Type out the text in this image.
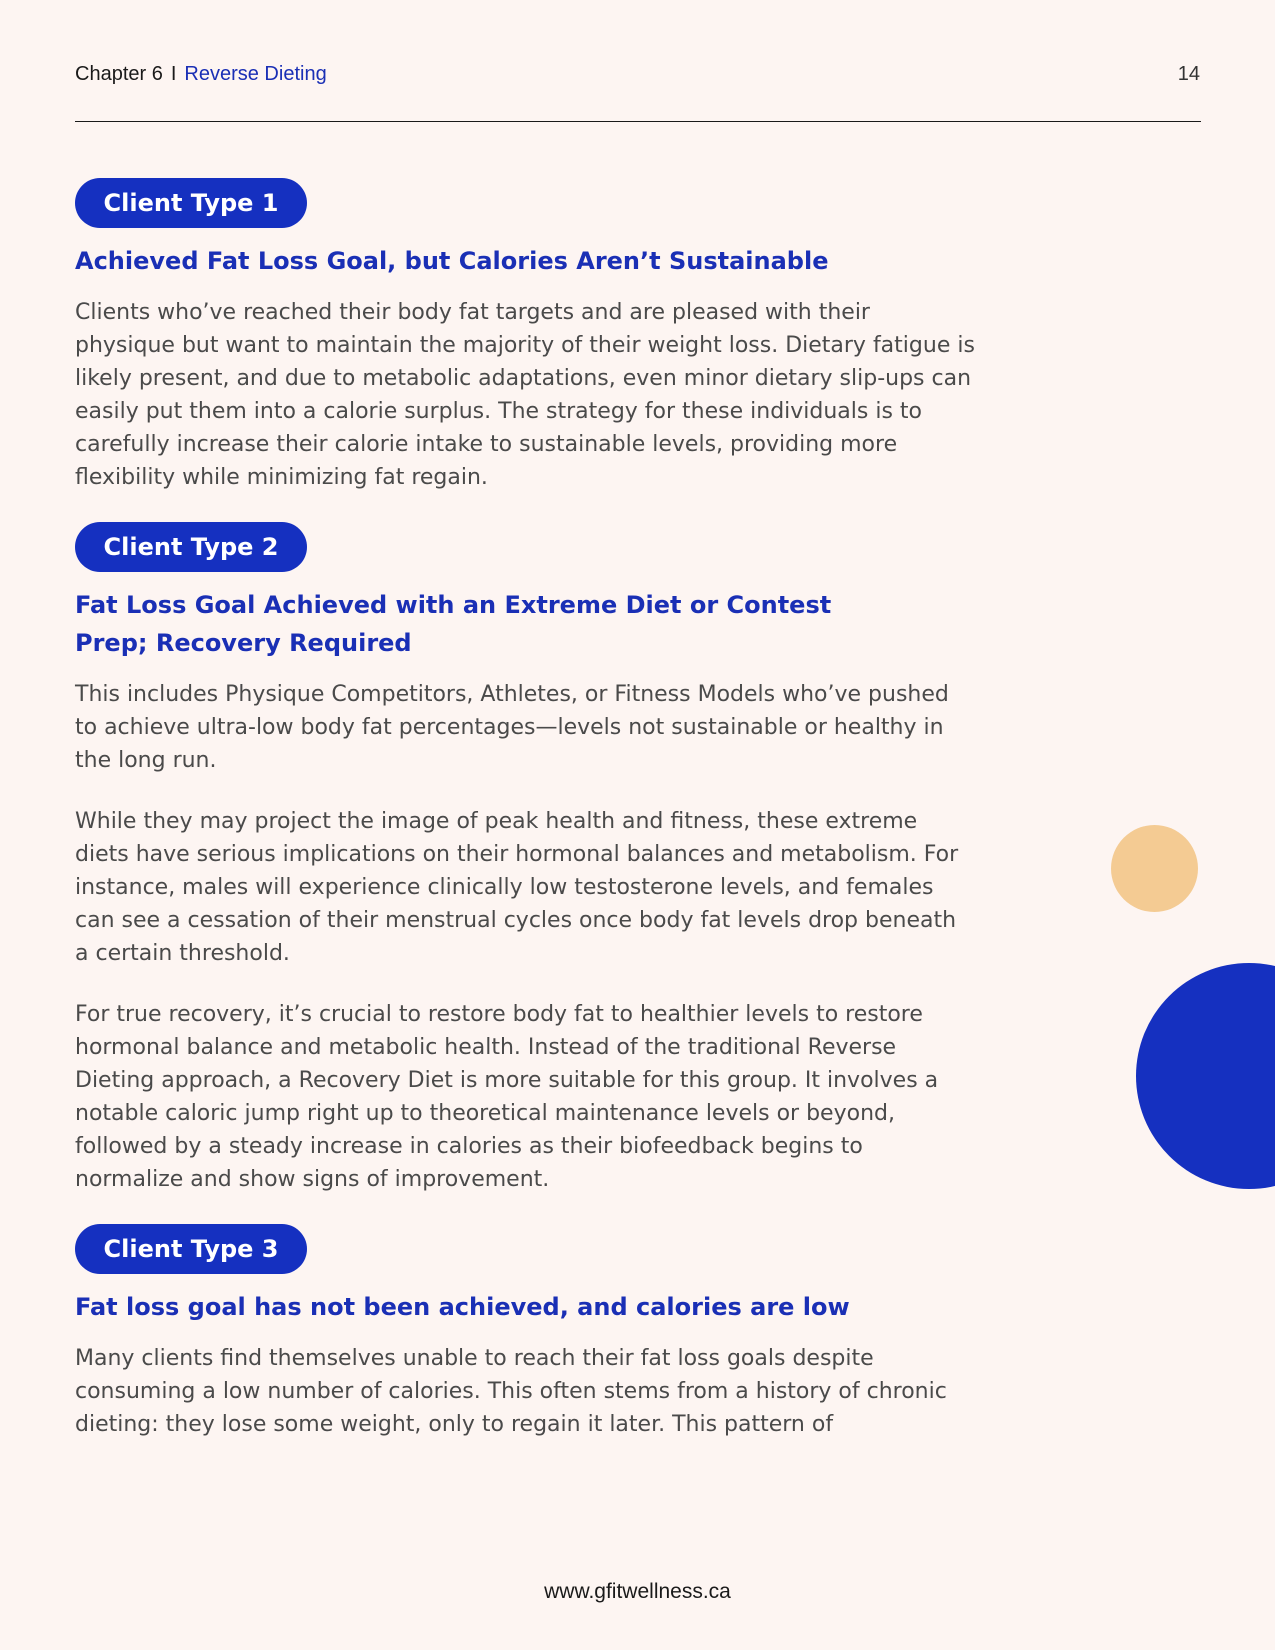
Chapter 6 I Reverse Dieting	14
Client Type 1
Achieved Fat Loss Goal, but Calories Aren’t Sustainable

Clients who’ve reached their body fat targets and are pleased with their physique but want to maintain the majority of their weight loss. Dietary fatigue is likely present, and due to metabolic adaptations, even minor dietary slip-ups can easily put them into a calorie surplus. The strategy for these individuals is to carefully increase their calorie intake to sustainable levels, providing more flexibility while minimizing fat regain.

Client Type 2
Fat Loss Goal Achieved with an Extreme Diet or Contest Prep; Recovery Required

This includes Physique Competitors, Athletes, or Fitness Models who’ve pushed to achieve ultra-low body fat percentages—levels not sustainable or healthy in the long run.

While they may project the image of peak health and fitness, these extreme diets have serious implications on their hormonal balances and metabolism. For instance, males will experience clinically low testosterone levels, and females can see a cessation of their menstrual cycles once body fat levels drop beneath a certain threshold.

For true recovery, it’s crucial to restore body fat to healthier levels to restore hormonal balance and metabolic health. Instead of the traditional Reverse Dieting approach, a Recovery Diet is more suitable for this group. It involves a notable caloric jump right up to theoretical maintenance levels or beyond, followed by a steady increase in calories as their biofeedback begins to normalize and show signs of improvement.

Client Type 3
Fat loss goal has not been achieved, and calories are low

Many clients find themselves unable to reach their fat loss goals despite consuming a low number of calories. This often stems from a history of chronic dieting: they lose some weight, only to regain it later. This pattern of

www.gfitwellness.ca
